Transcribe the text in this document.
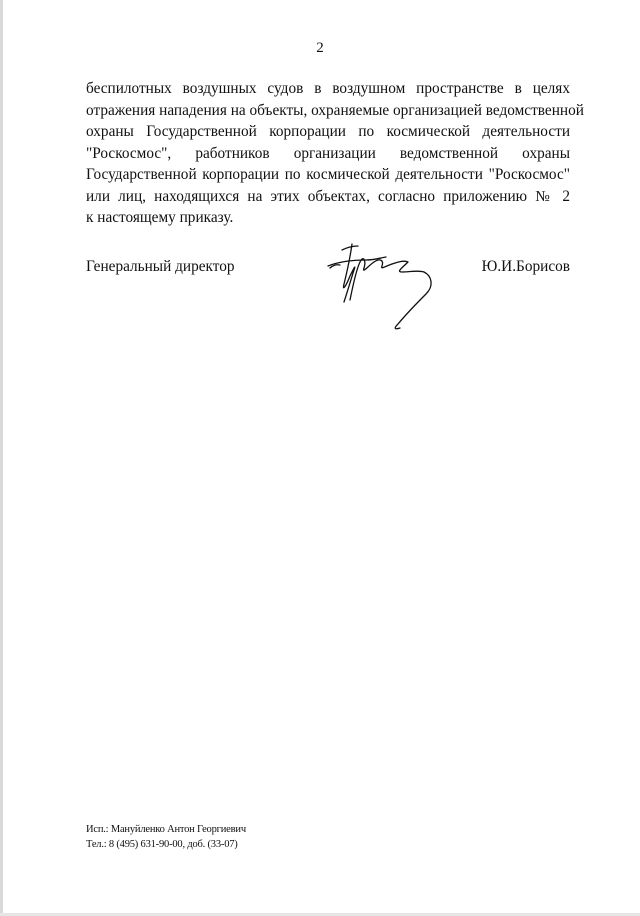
2
беспилотных воздушных судов в воздушном пространстве в целях
отражения нападения на объекты, охраняемые организацией ведомственной
охраны Государственной корпорации по космической деятельности
"Роскосмос", работников организации ведомственной охраны
Государственной корпорации по космической деятельности "Роскосмос"
или лиц, находящихся на этих объектах, согласно приложению № 2
к настоящему приказу.
Генеральный директор	Ю.И.Борисов
Исп.: Мануйленко Антон Георгиевич
Тел.: 8 (495) 631-90-00, доб. (33-07)
